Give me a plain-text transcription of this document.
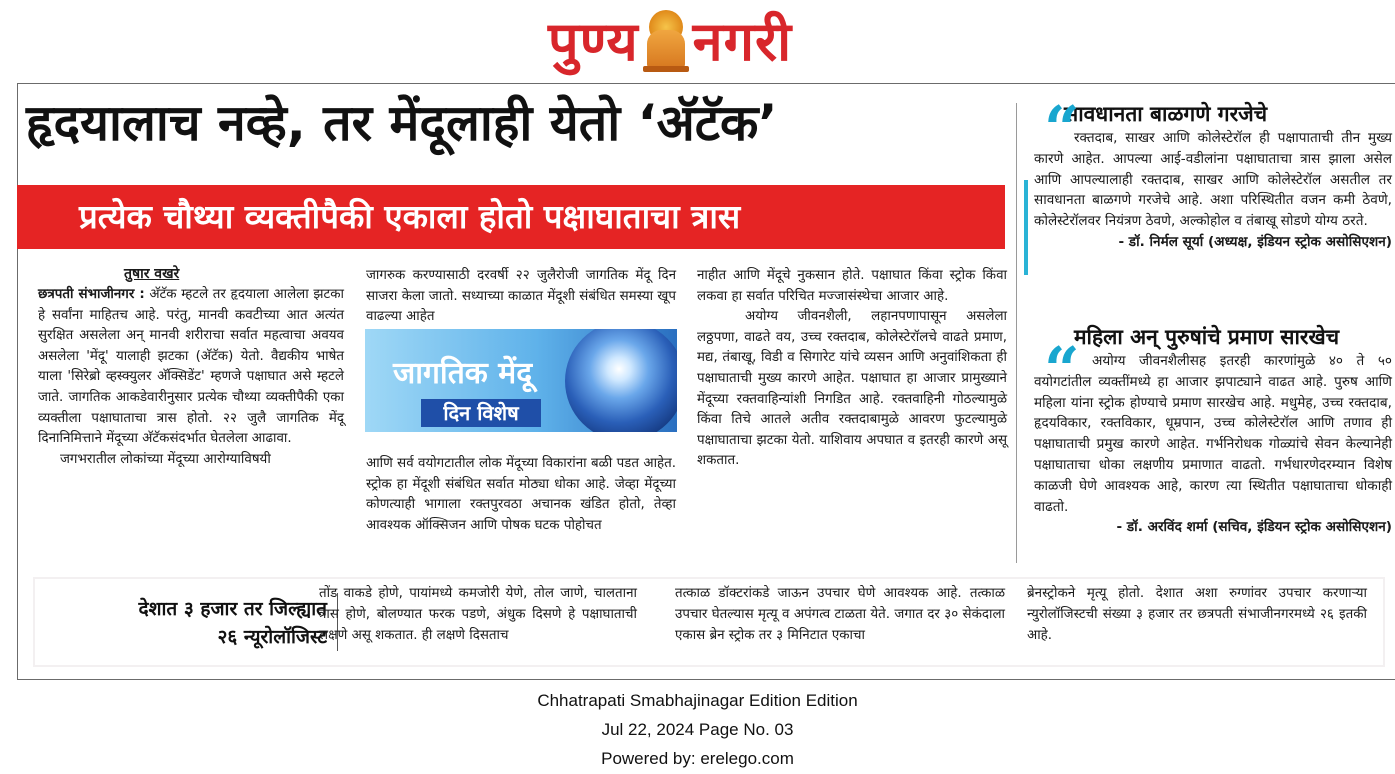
पुण्य नगरी
हृदयालाच नव्हे, तर मेंदूलाही येतो ‘अ‍ॅटॅक’
प्रत्येक चौथ्या व्यक्तीपैकी एकाला होतो पक्षाघाताचा त्रास
तुषार वखरे

छत्रपती संभाजीनगर : अ‍ॅटॅक म्हटले तर हृदयाला आलेला झटका हे सर्वांना माहितच आहे. परंतु, मानवी कवटीच्या आत अत्यंत सुरक्षित असलेला अन् मानवी शरीराचा सर्वात महत्वाचा अवयव असलेला 'मेंदू' यालाही झटका (अ‍ॅटॅक) येतो. वैद्यकीय भाषेत याला 'सिरेब्रो व्हस्क्युलर अ‍ॅक्सिडेंट' म्हणजे पक्षाघात असे म्हटले जाते. जागतिक आकडेवारीनुसार प्रत्येक चौथ्या व्यक्तीपैकी एका व्यक्तीला पक्षाघाताचा त्रास होतो. २२ जुलै जागतिक मेंदू दिनानिमित्ताने मेंदूच्या अ‍ॅटॅकसंदर्भात घेतलेला आढावा.

जगभरातील लोकांच्या मेंदूच्या आरोग्याविषयी

जागरुक करण्यासाठी दरवर्षी २२ जुलैरोजी जागतिक मेंदू दिन साजरा केला जातो. सध्याच्या काळात मेंदूशी संबंधित समस्या खूप वाढल्या आहेत

जागतिक मेंदू
दिन विशेष

आणि सर्व वयोगटातील लोक मेंदूच्या विकारांना बळी पडत आहेत. स्ट्रोक हा मेंदूशी संबंधित सर्वात मोठ्या धोका आहे. जेव्हा मेंदूच्या कोणत्याही भागाला रक्तपुरवठा अचानक खंडित होतो, तेव्हा आवश्यक ऑक्सिजन आणि पोषक घटक पोहोचत

नाहीत आणि मेंदूचे नुकसान होते. पक्षाघात किंवा स्ट्रोक किंवा लकवा हा सर्वात परिचित मज्जासंस्थेचा आजार आहे.

अयोग्य जीवनशैली, लहानपणापासून असलेला लठ्ठपणा, वाढते वय, उच्च रक्तदाब, कोलेस्टेरॉलचे वाढते प्रमाण, मद्य, तंबाखू, विडी व सिगारेट यांचे व्यसन आणि अनुवांशिकता ही पक्षाघाताची मुख्य कारणे आहेत. पक्षाघात हा आजार प्रामुख्याने मेंदूच्या रक्तवाहिन्यांशी निगडित आहे. रक्तवाहिनी गोठल्यामुळे किंवा तिचे आतले अतीव रक्तदाबामुळे आवरण फुटल्यामुळे पक्षाघाताचा झटका येतो. याशिवाय अपघात व इतरही कारणे असू शकतात.

“
सावधानता बाळगणे गरजेचे
रक्तदाब, साखर आणि कोलेस्टेरॉल ही पक्षापाताची तीन मुख्य कारणे आहेत. आपल्या आई-वडीलांना पक्षाघाताचा त्रास झाला असेल आणि आपल्यालाही रक्तदाब, साखर आणि कोलेस्टेरॉल असतील तर सावधानता बाळगणे गरजेचे आहे. अशा परिस्थितीत वजन कमी ठेवणे, कोलेस्टेरॉलवर नियंत्रण ठेवणे, अल्कोहोल व तंबाखू सोडणे योग्य ठरते.
- डॉ. निर्मल सूर्या (अध्यक्ष, इंडियन स्ट्रोक असोसिएशन)
महिला अन् पुरुषांचे प्रमाण सारखेच
“ अयोग्य जीवनशैलीसह इतरही कारणांमुळे ४० ते ५० वयोगटांतील व्यक्तींमध्ये हा आजार झपाट्याने वाढत आहे. पुरुष आणि महिला यांना स्ट्रोक होण्याचे प्रमाण सारखेच आहे. मधुमेह, उच्च रक्तदाब, हृदयविकार, रक्तविकार, धूम्रपान, उच्च कोलेस्टेरॉल आणि तणाव ही पक्षाघाताची प्रमुख कारणे आहेत. गर्भनिरोधक गोळ्यांचे सेवन केल्यानेही पक्षाघाताचा धोका लक्षणीय प्रमाणात वाढतो. गर्भधारणेदरम्यान विशेष काळजी घेणे आवश्यक आहे, कारण त्या स्थितीत पक्षाघाताचा धोकाही वाढतो.
- डॉ. अरविंद शर्मा (सचिव, इंडियन स्ट्रोक असोसिएशन)
देशात ३ हजार तर जिल्ह्यात २६ न्यूरोलॉजिस्ट
तोंड वाकडे होणे, पायांमध्ये कमजोरी येणे, तोल जाणे, चालताना त्रास होणे, बोलण्यात फरक पडणे, अंधुक दिसणे हे पक्षाघाताची लक्षणे असू शकतात. ही लक्षणे दिसताच
तत्काळ डॉक्टरांकडे जाऊन उपचार घेणे आवश्यक आहे. तत्काळ उपचार घेतल्यास मृत्यू व अपंगत्व टाळता येते. जगात दर ३० सेकंदाला एकास ब्रेन स्ट्रोक तर ३ मिनिटात एकाचा
ब्रेनस्ट्रोकने मृत्यू होतो. देशात अशा रुग्णांवर उपचार करणाऱ्या न्युरोलॉजिस्टची संख्या ३ हजार तर छत्रपती संभाजीनगरमध्ये २६ इतकी आहे.
Chhatrapati Smabhajinagar Edition Edition
Jul 22, 2024 Page No. 03
Powered by: erelego.com
